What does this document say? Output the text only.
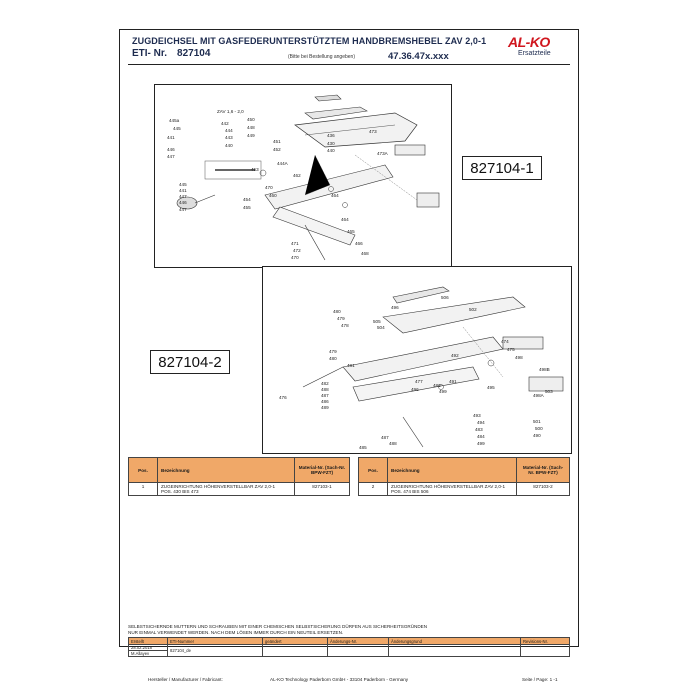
ZUGDEICHSEL MIT GASFEDERUNTERSTÜTZTEM HANDBREMSHEBEL ZAV 2,0-1
ETI- Nr. 827104	(Bitte bei Bestellung angeben)	47.36.47x.xxx
AL-KO
Ersatzteile
ZAV 1,6 - 2,0
445a
445
441
446
447
442
444
443
440
450
448
449
451
452
444A
453
445
441
447
446
447
454
455
470
460	464
462
473
436
430
440
473A
464
465
466
468
471
472
470
827104-1
506
496	502
480
479
478
505
504
474
475
498
479
480
481
492
477	491
486
496	499
476
482
488
487
486
489
498B
503
498A
495
493
494
483
484
499
501
500
490
485
487
488
827104-2
Pos.	Bezeichnung	Material-Nr. (Sach-Nr. BPW-FZT)
1	ZUGEINRICHTUNG HÖHENVERSTELLBAR ZAV 2,0-1
POS. 430 BIS 473	827103-1
Pos.	Bezeichnung	Material-Nr. (Sach-Nr. BPW-FZT)
2	ZUGEINRICHTUNG HÖHENVERSTELLBAR ZAV 2,0-1
POS. 474 BIS 506	827103-2
SELBSTSICHERNDE MUTTERN UND SCHRAUBEN MIT EINER CHEMISCHEN SELBSTSICHERUNG DÜRFEN AUS SICHERHEITSGRÜNDEN NUR EINMAL VERWENDET WERDEN. NACH DEM LÖSEN IMMER DURCH EIN NEUTEIL ERSETZEN.
Erstellt	ETI-Nummer	geändert	Änderungs-Nr.	Änderungsgrund	Revisions-Nr.
28.02.2018	827104_de				
M.Allayev					
Hersteller / Manufacturer / Fabricant:	AL-KO Technology Paderborn GmbH - 33104 Paderborn - Germany	Seite / Page: 1 -1
